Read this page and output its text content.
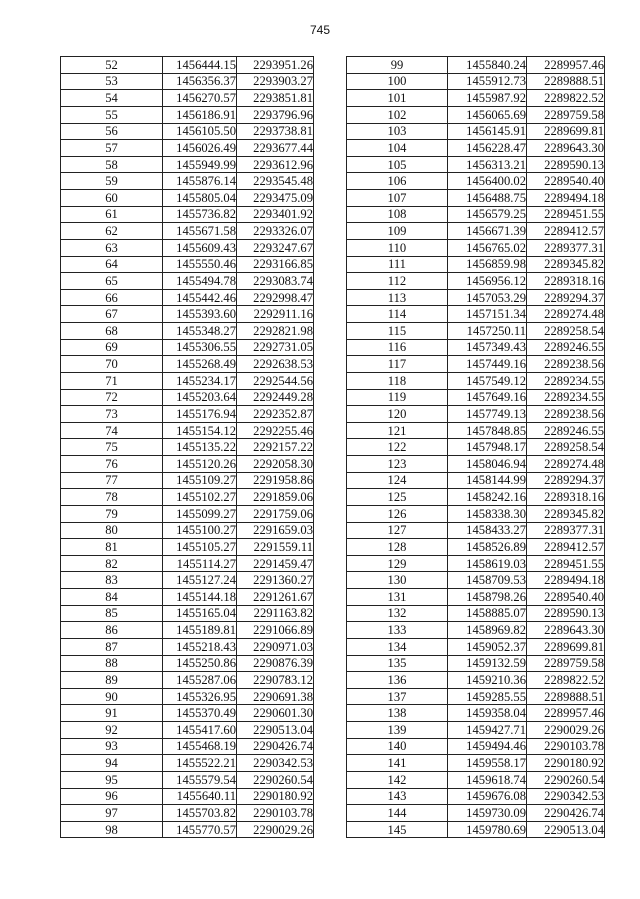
745
52	1456444.15	2293951.26
53	1456356.37	2293903.27
54	1456270.57	2293851.81
55	1456186.91	2293796.96
56	1456105.50	2293738.81
57	1456026.49	2293677.44
58	1455949.99	2293612.96
59	1455876.14	2293545.48
60	1455805.04	2293475.09
61	1455736.82	2293401.92
62	1455671.58	2293326.07
63	1455609.43	2293247.67
64	1455550.46	2293166.85
65	1455494.78	2293083.74
66	1455442.46	2292998.47
67	1455393.60	2292911.16
68	1455348.27	2292821.98
69	1455306.55	2292731.05
70	1455268.49	2292638.53
71	1455234.17	2292544.56
72	1455203.64	2292449.28
73	1455176.94	2292352.87
74	1455154.12	2292255.46
75	1455135.22	2292157.22
76	1455120.26	2292058.30
77	1455109.27	2291958.86
78	1455102.27	2291859.06
79	1455099.27	2291759.06
80	1455100.27	2291659.03
81	1455105.27	2291559.11
82	1455114.27	2291459.47
83	1455127.24	2291360.27
84	1455144.18	2291261.67
85	1455165.04	2291163.82
86	1455189.81	2291066.89
87	1455218.43	2290971.03
88	1455250.86	2290876.39
89	1455287.06	2290783.12
90	1455326.95	2290691.38
91	1455370.49	2290601.30
92	1455417.60	2290513.04
93	1455468.19	2290426.74
94	1455522.21	2290342.53
95	1455579.54	2290260.54
96	1455640.11	2290180.92
97	1455703.82	2290103.78
98	1455770.57	2290029.26
99	1455840.24	2289957.46
100	1455912.73	2289888.51
101	1455987.92	2289822.52
102	1456065.69	2289759.58
103	1456145.91	2289699.81
104	1456228.47	2289643.30
105	1456313.21	2289590.13
106	1456400.02	2289540.40
107	1456488.75	2289494.18
108	1456579.25	2289451.55
109	1456671.39	2289412.57
110	1456765.02	2289377.31
111	1456859.98	2289345.82
112	1456956.12	2289318.16
113	1457053.29	2289294.37
114	1457151.34	2289274.48
115	1457250.11	2289258.54
116	1457349.43	2289246.55
117	1457449.16	2289238.56
118	1457549.12	2289234.55
119	1457649.16	2289234.55
120	1457749.13	2289238.56
121	1457848.85	2289246.55
122	1457948.17	2289258.54
123	1458046.94	2289274.48
124	1458144.99	2289294.37
125	1458242.16	2289318.16
126	1458338.30	2289345.82
127	1458433.27	2289377.31
128	1458526.89	2289412.57
129	1458619.03	2289451.55
130	1458709.53	2289494.18
131	1458798.26	2289540.40
132	1458885.07	2289590.13
133	1458969.82	2289643.30
134	1459052.37	2289699.81
135	1459132.59	2289759.58
136	1459210.36	2289822.52
137	1459285.55	2289888.51
138	1459358.04	2289957.46
139	1459427.71	2290029.26
140	1459494.46	2290103.78
141	1459558.17	2290180.92
142	1459618.74	2290260.54
143	1459676.08	2290342.53
144	1459730.09	2290426.74
145	1459780.69	2290513.04
